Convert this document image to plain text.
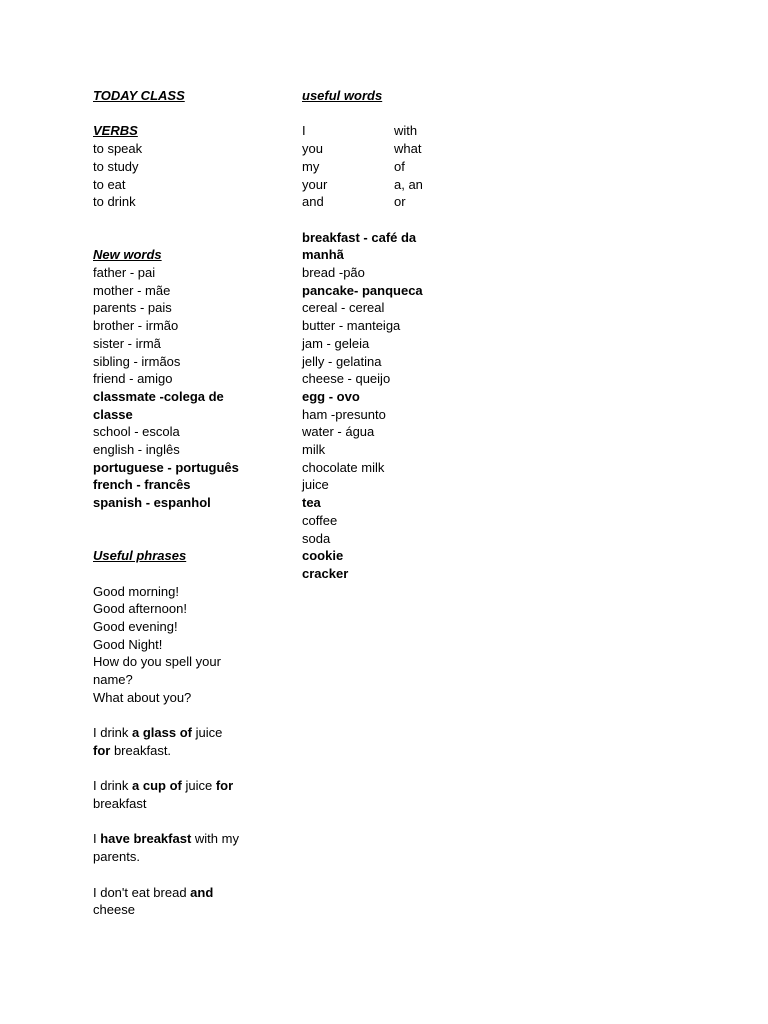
TODAY CLASS
VERBS
to speak
to study
to eat
to drink
New words
father - pai
mother - mãe
parents - pais
brother - irmão
sister - irmã
sibling - irmãos
friend - amigo
classmate -colega de
classe
school - escola
english - inglês
portuguese - português
french - francês
spanish - espanhol
Useful phrases
Good morning!
Good afternoon!
Good evening!
Good Night!
How do you spell your
name?
What about you?
I drink a glass of juice
for breakfast.
I drink a cup of juice for
breakfast
I have breakfast with my
parents.
I don't eat bread and
cheese
useful words
I	with
you	what
my	of
your	a, an
and	or
breakfast - café da
manhã
bread -pão
pancake- panqueca
cereal - cereal
butter - manteiga
jam - geleia
jelly - gelatina
cheese - queijo
egg - ovo
ham -presunto
water - água
milk
chocolate milk
juice
tea
coffee
soda
cookie
cracker
